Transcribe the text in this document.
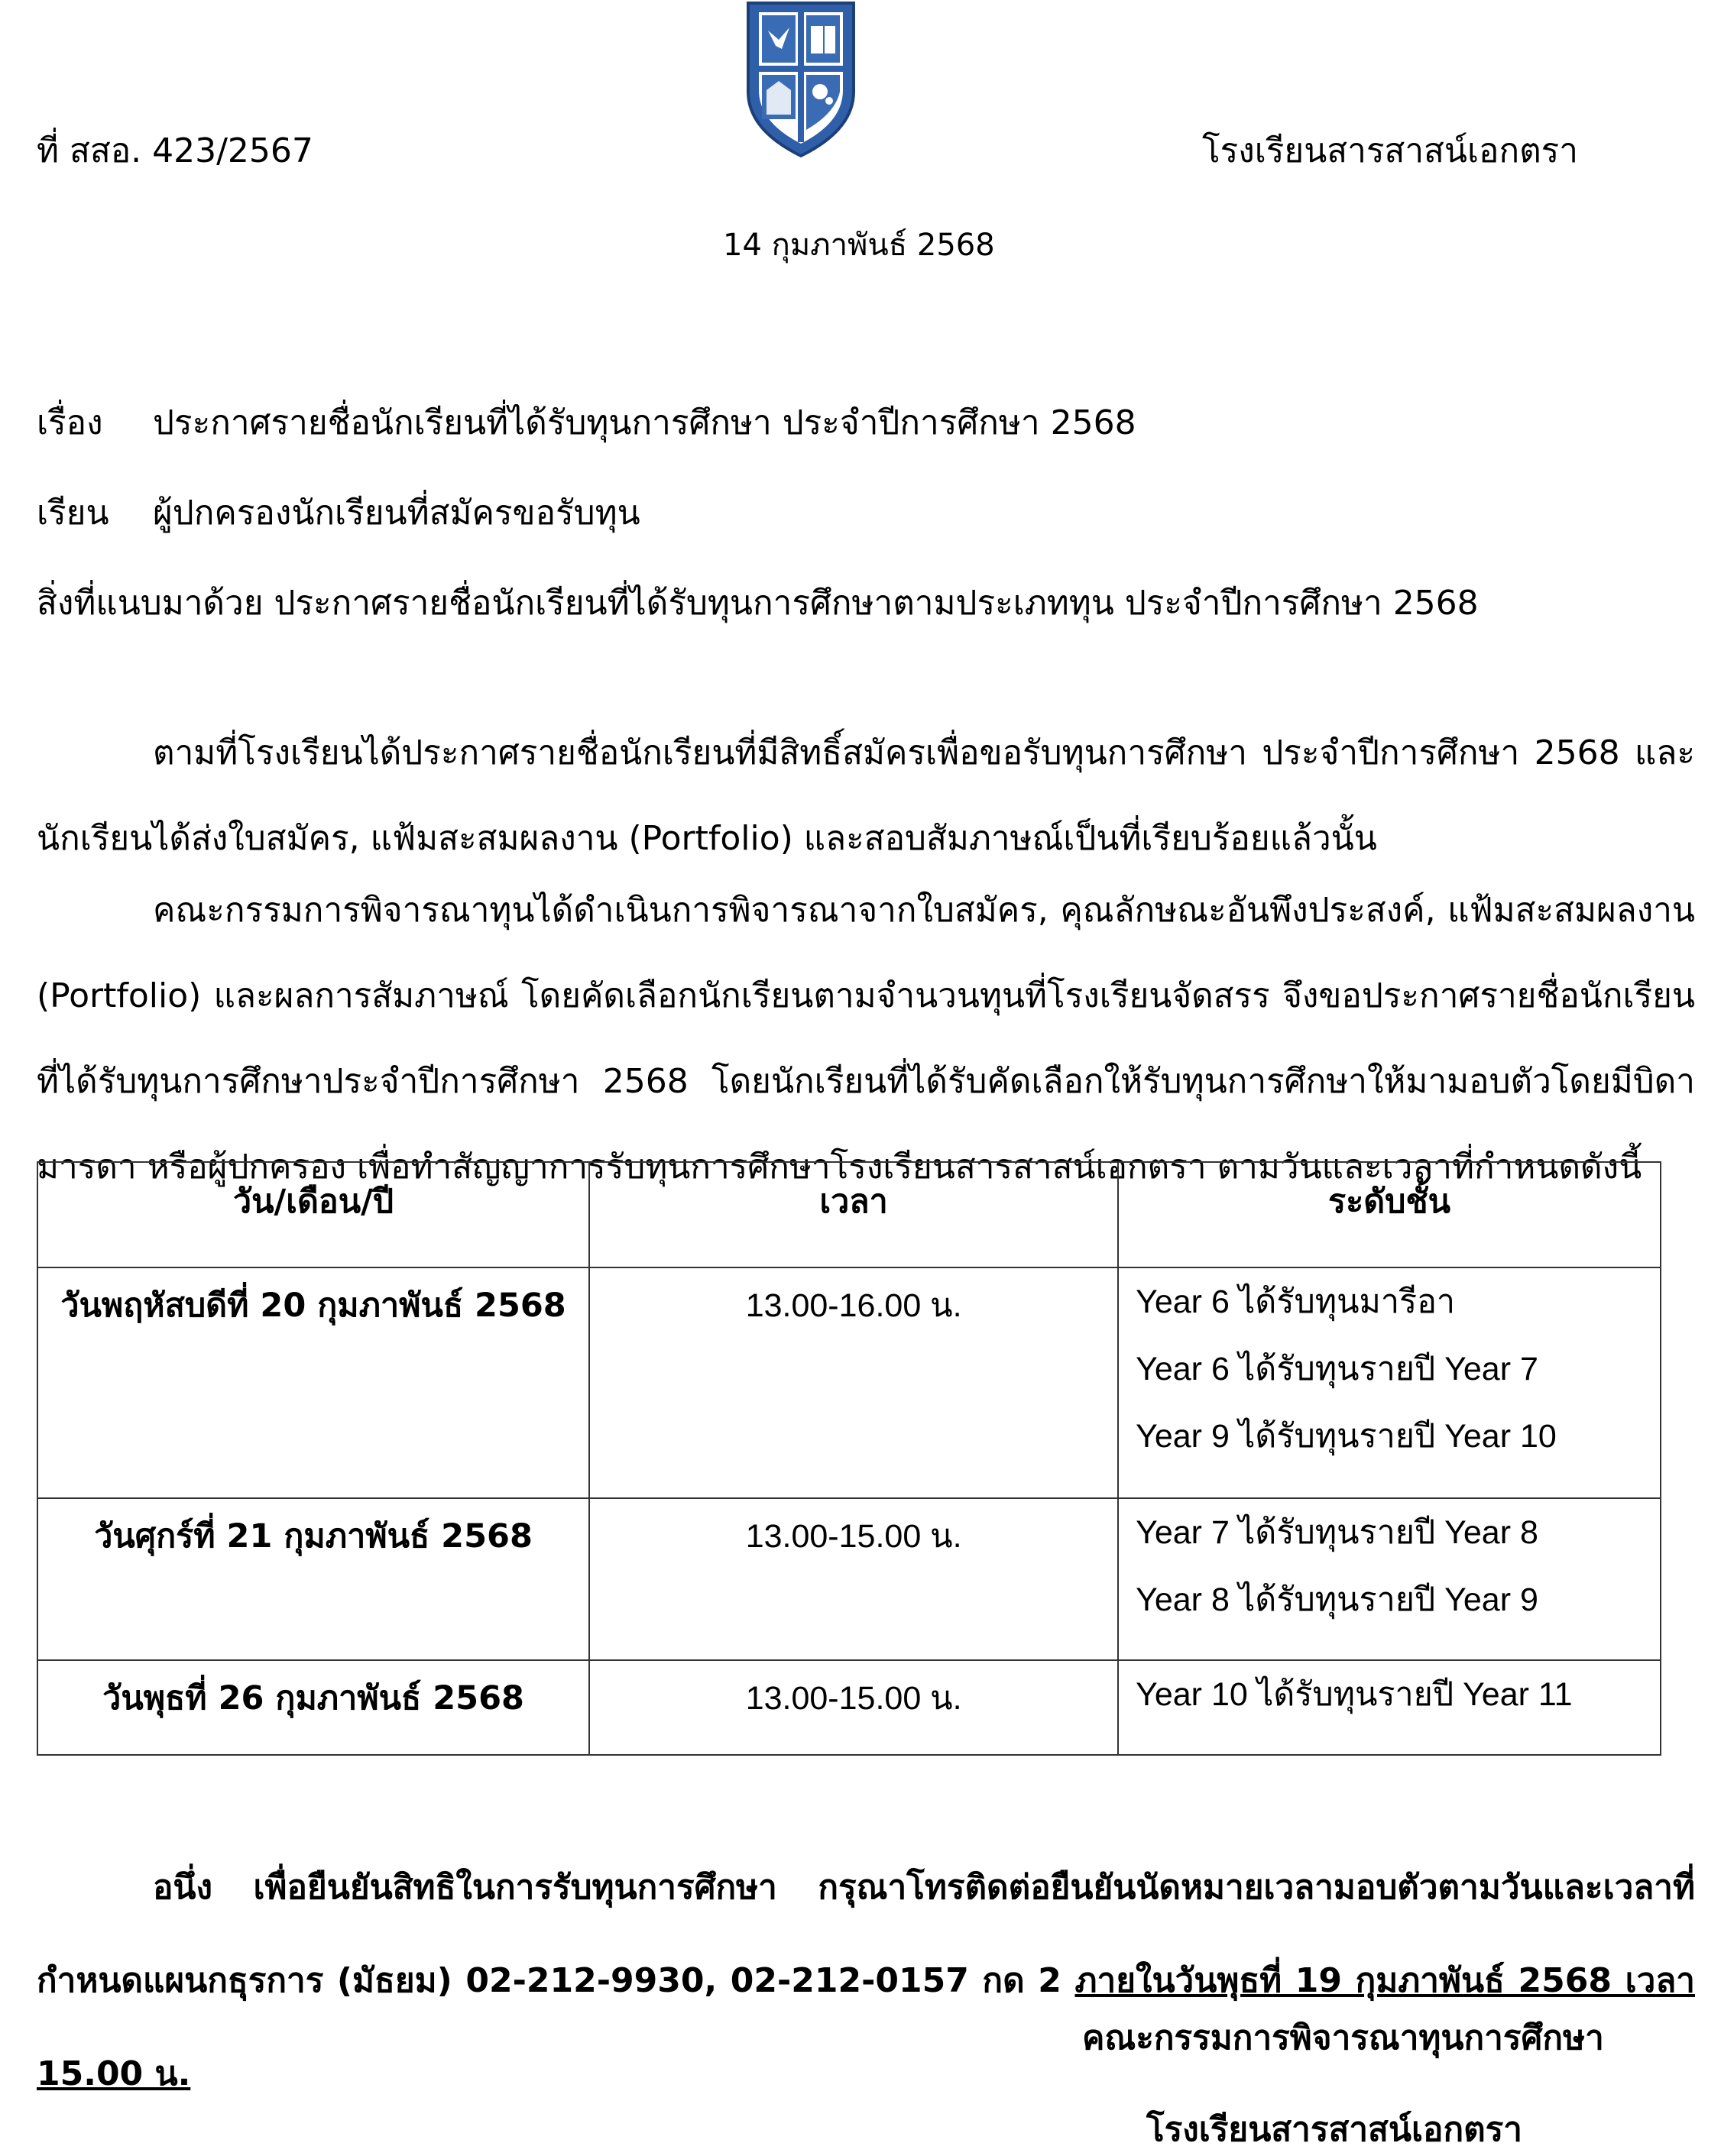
ที่ สสอ. 423/2567	โรงเรียนสารสาสน์เอกตรา
14 กุมภาพันธ์ 2568
เรื่อง ประกาศรายชื่อนักเรียนที่ได้รับทุนการศึกษา ประจำปีการศึกษา 2568
เรียน ผู้ปกครองนักเรียนที่สมัครขอรับทุน
สิ่งที่แนบมาด้วย ประกาศรายชื่อนักเรียนที่ได้รับทุนการศึกษาตามประเภททุน ประจำปีการศึกษา 2568
ตามที่โรงเรียนได้ประกาศรายชื่อนักเรียนที่มีสิทธิ์สมัครเพื่อขอรับทุนการศึกษา ประจำปีการศึกษา 2568 และนักเรียนได้ส่งใบสมัคร, แฟ้มสะสมผลงาน (Portfolio) และสอบสัมภาษณ์เป็นที่เรียบร้อยแล้วนั้น
คณะกรรมการพิจารณาทุนได้ดำเนินการพิจารณาจากใบสมัคร, คุณลักษณะอันพึงประสงค์, แฟ้มสะสมผลงาน (Portfolio) และผลการสัมภาษณ์ โดยคัดเลือกนักเรียนตามจำนวนทุนที่โรงเรียนจัดสรร จึงขอประกาศรายชื่อนักเรียนที่ได้รับทุนการศึกษาประจำปีการศึกษา 2568 โดยนักเรียนที่ได้รับคัดเลือกให้รับทุนการศึกษาให้มามอบตัวโดยมีบิดามารดา หรือผู้ปกครอง เพื่อทำสัญญาการรับทุนการศึกษาโรงเรียนสารสาสน์เอกตรา ตามวันและเวลาที่กำหนดดังนี้
วัน/เดือน/ปี	เวลา	ระดับชั้น
วันพฤหัสบดีที่ 20 กุมภาพันธ์ 2568	13.00-16.00 น.	Year 6 ได้รับทุนมารีอา
Year 6 ได้รับทุนรายปี Year 7
Year 9 ได้รับทุนรายปี Year 10

วันศุกร์ที่ 21 กุมภาพันธ์ 2568	13.00-15.00 น.	Year 7 ได้รับทุนรายปี Year 8
Year 8 ได้รับทุนรายปี Year 9

วันพุธที่ 26 กุมภาพันธ์ 2568	13.00-15.00 น.	Year 10 ได้รับทุนรายปี Year 11
อนึ่ง เพื่อยืนยันสิทธิในการรับทุนการศึกษา กรุณาโทรติดต่อยืนยันนัดหมายเวลามอบตัวตามวันและเวลาที่กำหนดแผนกธุรการ (มัธยม) 02-212-9930, 02-212-0157 กด 2 ภายในวันพุธที่ 19 กุมภาพันธ์ 2568 เวลา 15.00 น.
คณะกรรมการพิจารณาทุนการศึกษา
โรงเรียนสารสาสน์เอกตรา
